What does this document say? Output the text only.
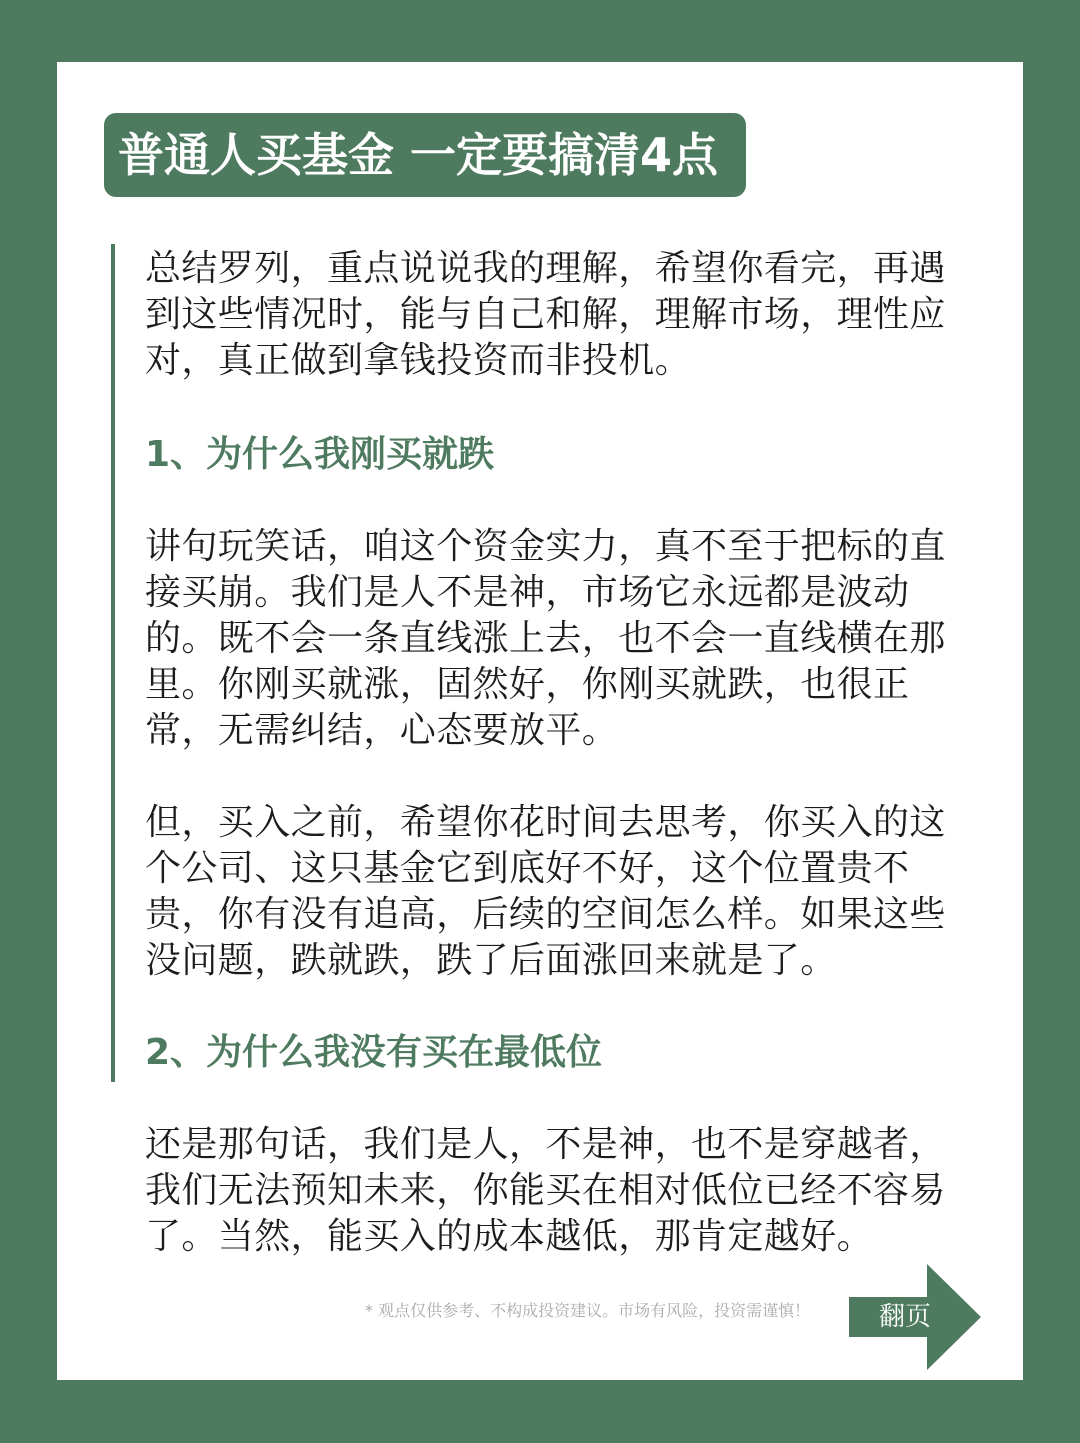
普通人买基金 一定要搞清4点

总结罗列，重点说说我的理解，希望你看完，再遇到这些情况时，能与自己和解，理解市场，理性应对，真正做到拿钱投资而非投机。

1、为什么我刚买就跌

讲句玩笑话，咱这个资金实力，真不至于把标的直接买崩。我们是人不是神，市场它永远都是波动的。既不会一条直线涨上去，也不会一直线横在那里。你刚买就涨，固然好，你刚买就跌，也很正常，无需纠结，心态要放平。

但，买入之前，希望你花时间去思考，你买入的这个公司、这只基金它到底好不好，这个位置贵不贵，你有没有追高，后续的空间怎么样。如果这些没问题，跌就跌，跌了后面涨回来就是了。

2、为什么我没有买在最低位

还是那句话，我们是人，不是神，也不是穿越者，我们无法预知未来，你能买在相对低位已经不容易了。当然，能买入的成本越低，那肯定越好。

* 观点仅供参考、不构成投资建议。市场有风险，投资需谨慎！	翻页
